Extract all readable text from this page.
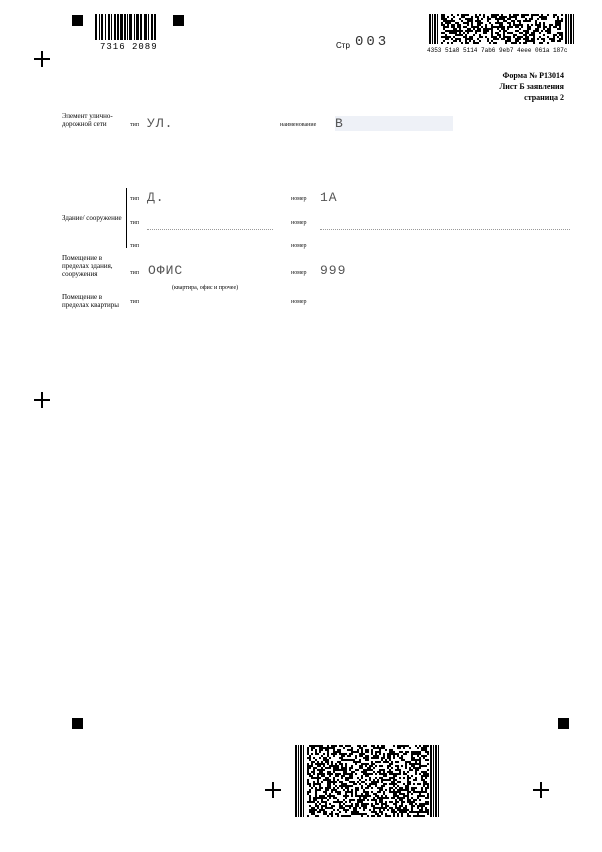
7316 2089	Стр 003
4353 51a8 5114 7ab6 9eb7 4eee 061a 187c
Форма № Р13014
Лист Б заявления
страница 2
Элемент улично-дорожной сети	тип УЛ.	наименование В
Здание/ сооружение
тип Д.	номер 1А
тип	номер
тип	номер
Помещение в пределах здания, сооружения	тип ОФИС
(квартира, офис и прочее)
номер 999
Помещение в пределах квартиры	тип	номер
